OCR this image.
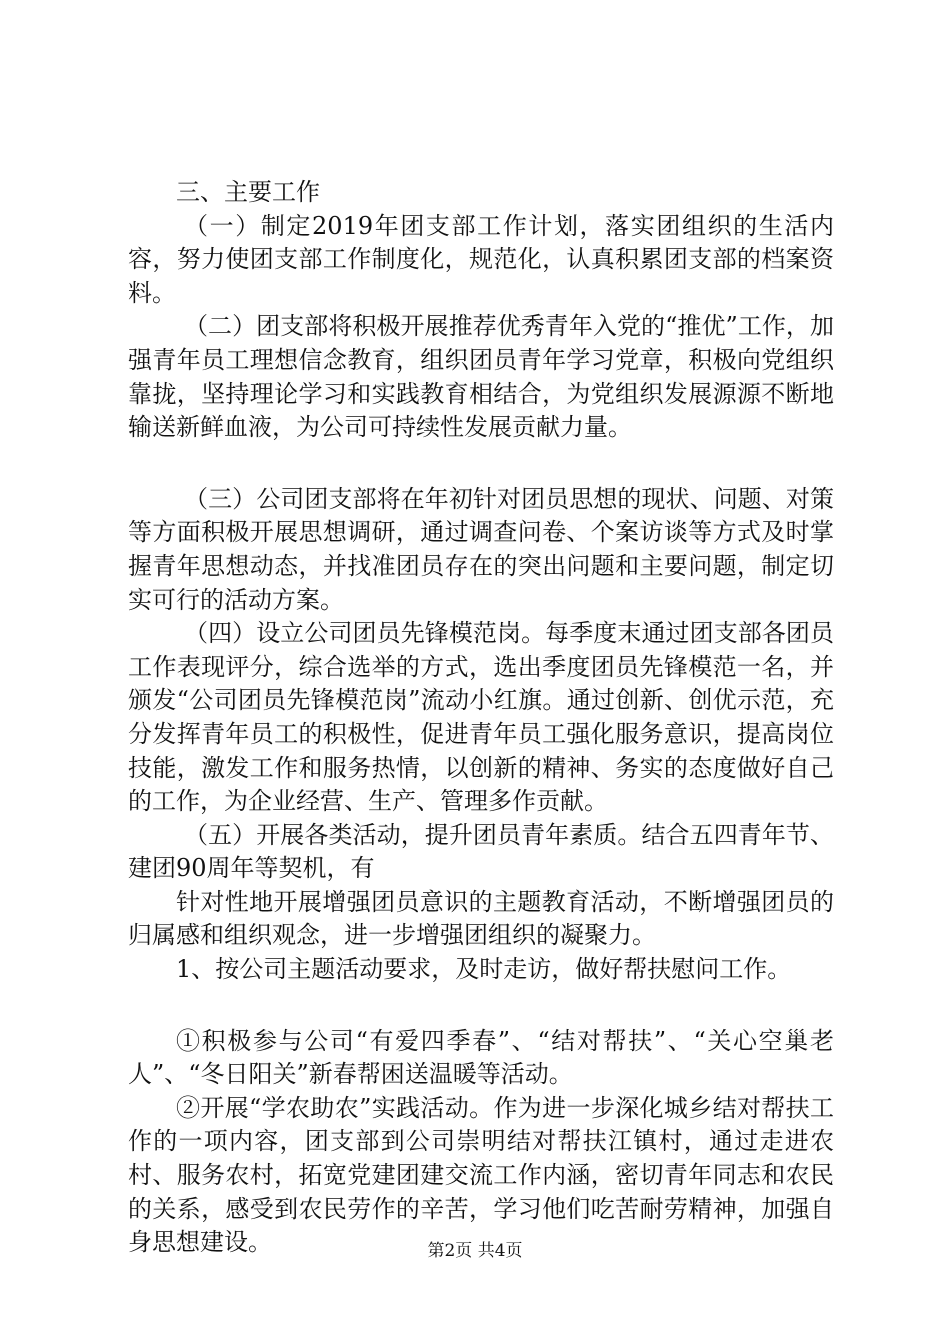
三、主要工作

（一）制定2019年团支部工作计划，落实团组织的生活内容，努力使团支部工作制度化，规范化，认真积累团支部的档案资料。

（二）团支部将积极开展推荐优秀青年入党的“推优”工作，加强青年员工理想信念教育，组织团员青年学习党章，积极向党组织靠拢，坚持理论学习和实践教育相结合，为党组织发展源源不断地输送新鲜血液，为公司可持续性发展贡献力量。

（三）公司团支部将在年初针对团员思想的现状、问题、对策等方面积极开展思想调研，通过调查问卷、个案访谈等方式及时掌握青年思想动态，并找准团员存在的突出问题和主要问题，制定切实可行的活动方案。

（四）设立公司团员先锋模范岗。每季度末通过团支部各团员工作表现评分，综合选举的方式，选出季度团员先锋模范一名，并颁发“公司团员先锋模范岗”流动小红旗。通过创新、创优示范，充分发挥青年员工的积极性，促进青年员工强化服务意识，提高岗位技能，激发工作和服务热情，以创新的精神、务实的态度做好自己的工作，为企业经营、生产、管理多作贡献。

（五）开展各类活动，提升团员青年素质。结合五四青年节、建团90周年等契机，有

针对性地开展增强团员意识的主题教育活动，不断增强团员的归属感和组织观念，进一步增强团组织的凝聚力。

1、按公司主题活动要求，及时走访，做好帮扶慰问工作。

①积极参与公司“有爱四季春”、“结对帮扶”、“关心空巢老人”、“冬日阳关”新春帮困送温暖等活动。

②开展“学农助农”实践活动。作为进一步深化城乡结对帮扶工作的一项内容，团支部到公司崇明结对帮扶江镇村，通过走进农村、服务农村，拓宽党建团建交流工作内涵，密切青年同志和农民的关系，感受到农民劳作的辛苦，学习他们吃苦耐劳精神，加强自身思想建设。	第2页 共4页
